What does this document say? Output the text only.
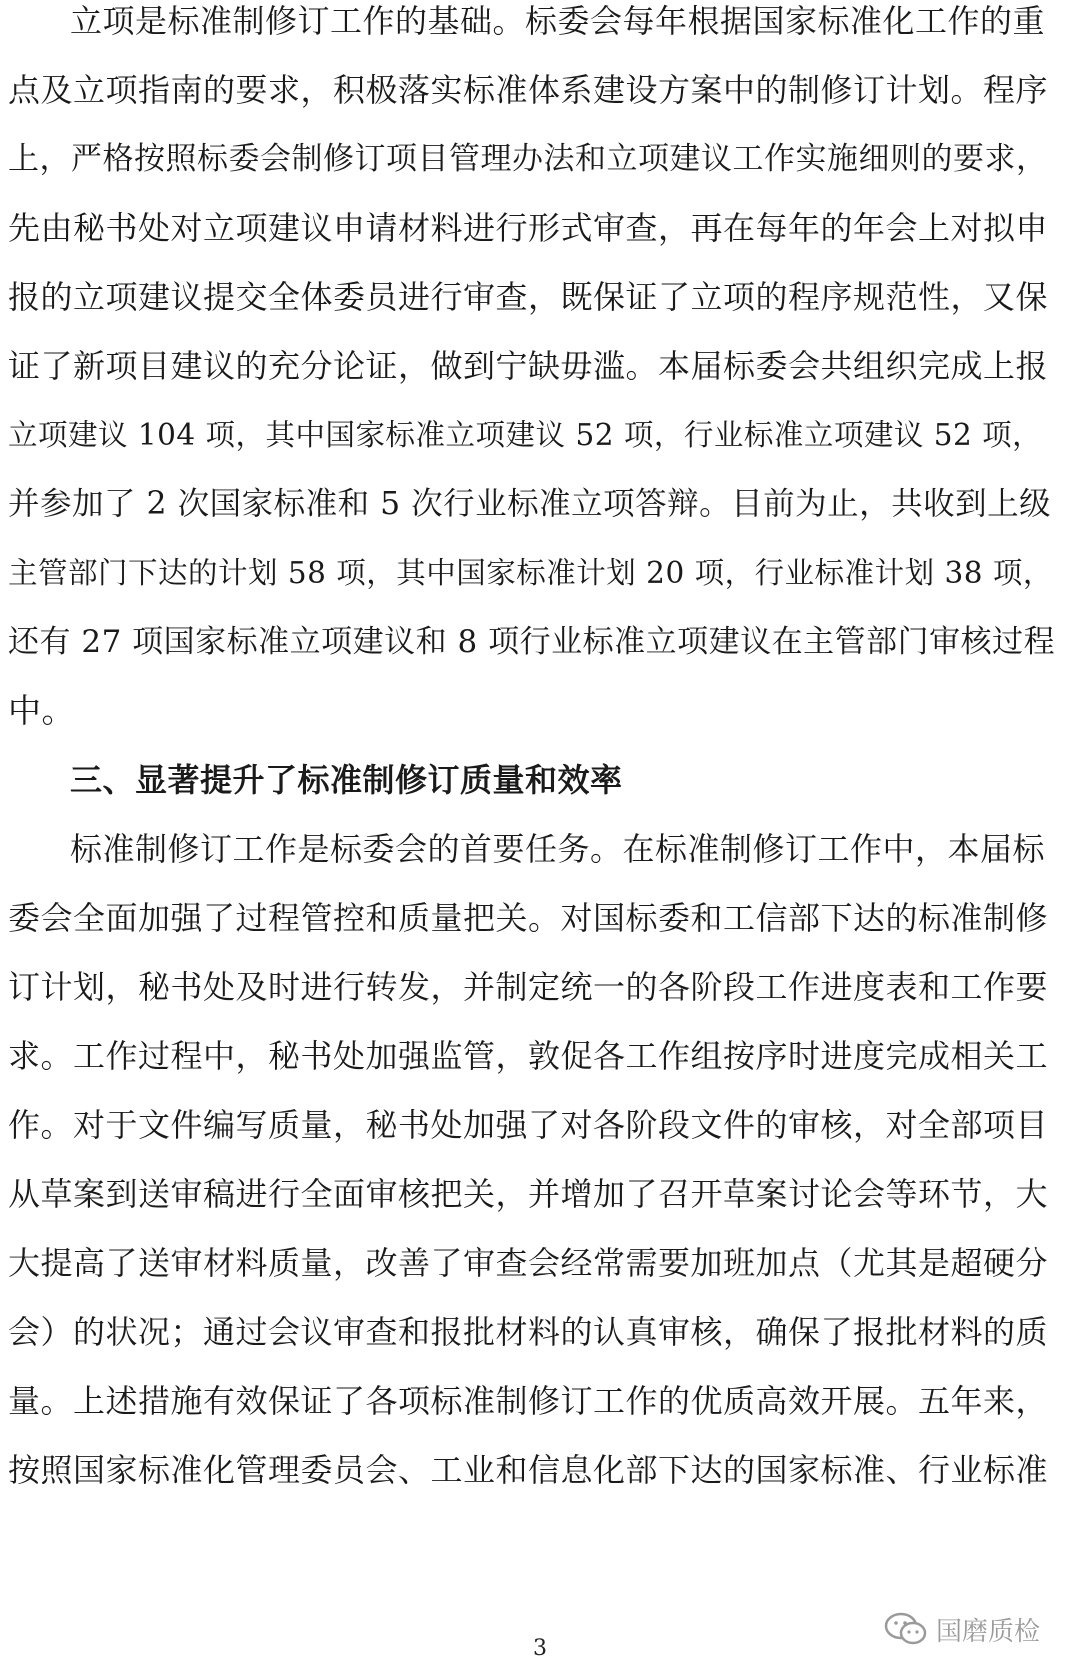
立项是标准制修订工作的基础。标委会每年根据国家标准化工作的重
点及立项指南的要求，积极落实标准体系建设方案中的制修订计划。程序
上，严格按照标委会制修订项目管理办法和立项建议工作实施细则的要求，
先由秘书处对立项建议申请材料进行形式审查，再在每年的年会上对拟申
报的立项建议提交全体委员进行审查，既保证了立项的程序规范性，又保
证了新项目建议的充分论证，做到宁缺毋滥。本届标委会共组织完成上报
立项建议 104 项，其中国家标准立项建议 52 项，行业标准立项建议 52 项，
并参加了 2 次国家标准和 5 次行业标准立项答辩。目前为止，共收到上级
主管部门下达的计划 58 项，其中国家标准计划 20 项，行业标准计划 38 项，
还有 27 项国家标准立项建议和 8 项行业标准立项建议在主管部门审核过程
中。
三、显著提升了标准制修订质量和效率
标准制修订工作是标委会的首要任务。在标准制修订工作中，本届标
委会全面加强了过程管控和质量把关。对国标委和工信部下达的标准制修
订计划，秘书处及时进行转发，并制定统一的各阶段工作进度表和工作要
求。工作过程中，秘书处加强监管，敦促各工作组按序时进度完成相关工
作。对于文件编写质量，秘书处加强了对各阶段文件的审核，对全部项目
从草案到送审稿进行全面审核把关，并增加了召开草案讨论会等环节，大
大提高了送审材料质量，改善了审查会经常需要加班加点（尤其是超硬分
会）的状况；通过会议审查和报批材料的认真审核，确保了报批材料的质
量。上述措施有效保证了各项标准制修订工作的优质高效开展。五年来，
按照国家标准化管理委员会、工业和信息化部下达的国家标准、行业标准
国磨质检
3
